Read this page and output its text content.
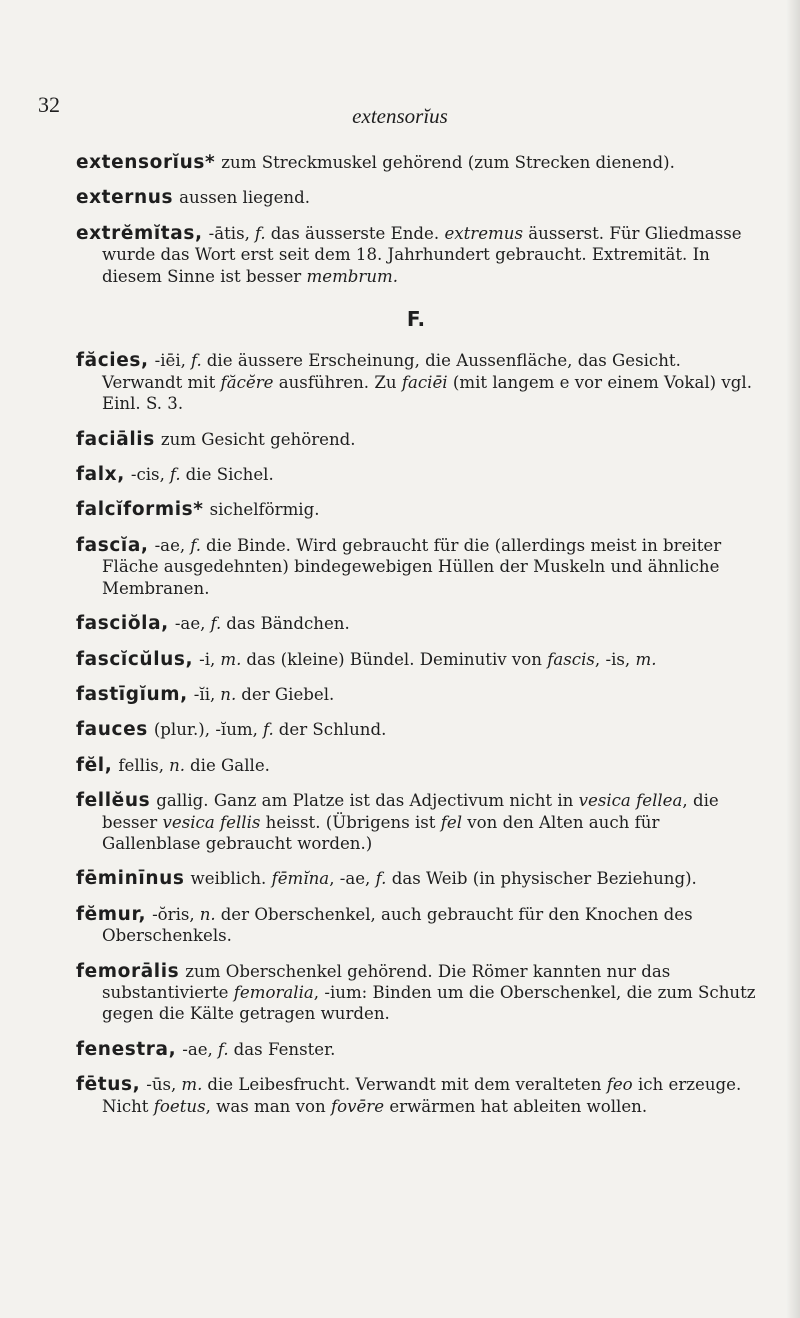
32	extensorĭus
extensorĭus* zum Streckmuskel gehörend (zum Strecken dienend).
externus aussen liegend.
extrĕmĭtas, -ātis, f. das äusserste Ende. extremus äusserst. Für Gliedmasse wurde das Wort erst seit dem 18. Jahrhundert gebraucht. Extremität. In diesem Sinne ist besser membrum.
F.
făcies, -iēi, f. die äussere Erscheinung, die Aussenfläche, das Gesicht. Verwandt mit făcĕre ausführen. Zu faciēi (mit langem e vor einem Vokal) vgl. Einl. S. 3.
faciālis zum Gesicht gehörend.
falx, -cis, f. die Sichel.
falcĭformis* sichelförmig.
fascĭa, -ae, f. die Binde. Wird gebraucht für die (allerdings meist in breiter Fläche ausgedehnten) bindegewebigen Hüllen der Muskeln und ähnliche Membranen.
fasciŏla, -ae, f. das Bändchen.
fascĭcŭlus, -i, m. das (kleine) Bündel. Deminutiv von fascis, -is, m.
fastīgĭum, -ĭi, n. der Giebel.
fauces (plur.), -ĭum, f. der Schlund.
fĕl, fellis, n. die Galle.
fellĕus gallig. Ganz am Platze ist das Adjectivum nicht in vesica fellea, die besser vesica fellis heisst. (Übrigens ist fel von den Alten auch für Gallenblase gebraucht worden.)
fēminīnus weiblich. fēmĭna, -ae, f. das Weib (in physischer Beziehung).
fĕmur, -ŏris, n. der Oberschenkel, auch gebraucht für den Knochen des Oberschenkels.
femorālis zum Oberschenkel gehörend. Die Römer kannten nur das substantivierte femoralia, -ium: Binden um die Oberschenkel, die zum Schutz gegen die Kälte getragen wurden.
fenestra, -ae, f. das Fenster.
fētus, -ūs, m. die Leibesfrucht. Verwandt mit dem veralteten feo ich erzeuge. Nicht foetus, was man von fovēre erwärmen hat ableiten wollen.
